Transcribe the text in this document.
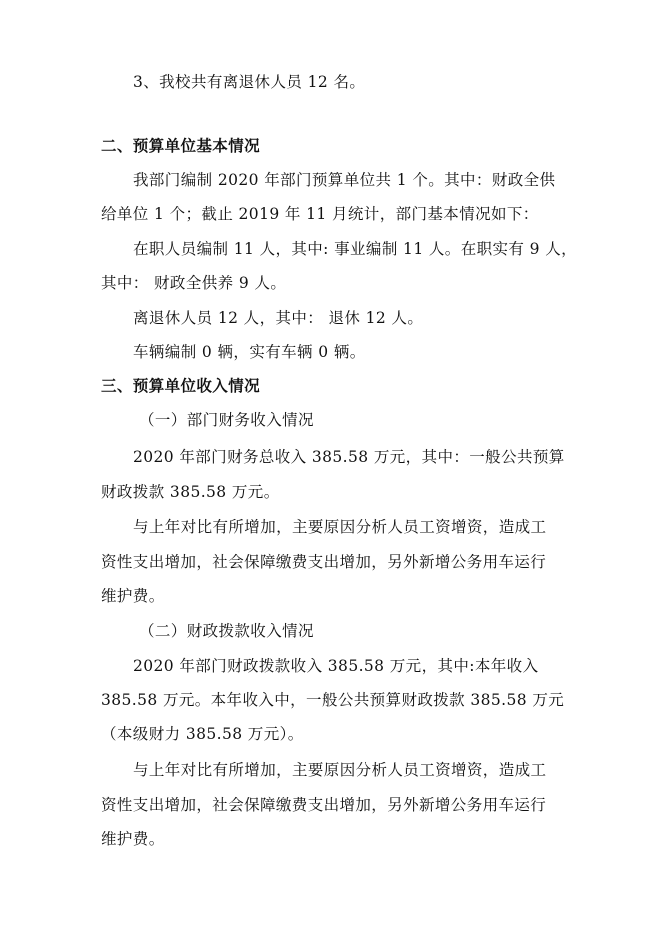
3、我校共有离退休人员 12 名。
二、预算单位基本情况
我部门编制 2020 年部门预算单位共 1 个。其中：财政全供
给单位 1 个；截止 2019 年 11 月统计，部门基本情况如下：
在职人员编制 11 人，其中: 事业编制 11 人。在职实有 9 人，
其中： 财政全供养 9 人。
离退休人员 12 人，其中： 退休 12 人。
车辆编制 0 辆，实有车辆 0 辆。
三、预算单位收入情况
（一）部门财务收入情况
2020 年部门财务总收入 385.58 万元，其中：一般公共预算
财政拨款 385.58 万元。
与上年对比有所增加，主要原因分析人员工资增资，造成工
资性支出增加，社会保障缴费支出增加，另外新增公务用车运行
维护费。
（二）财政拨款收入情况
2020 年部门财政拨款收入 385.58 万元，其中:本年收入
385.58 万元。本年收入中，一般公共预算财政拨款 385.58 万元
（本级财力 385.58 万元）。
与上年对比有所增加，主要原因分析人员工资增资，造成工
资性支出增加，社会保障缴费支出增加，另外新增公务用车运行
维护费。
